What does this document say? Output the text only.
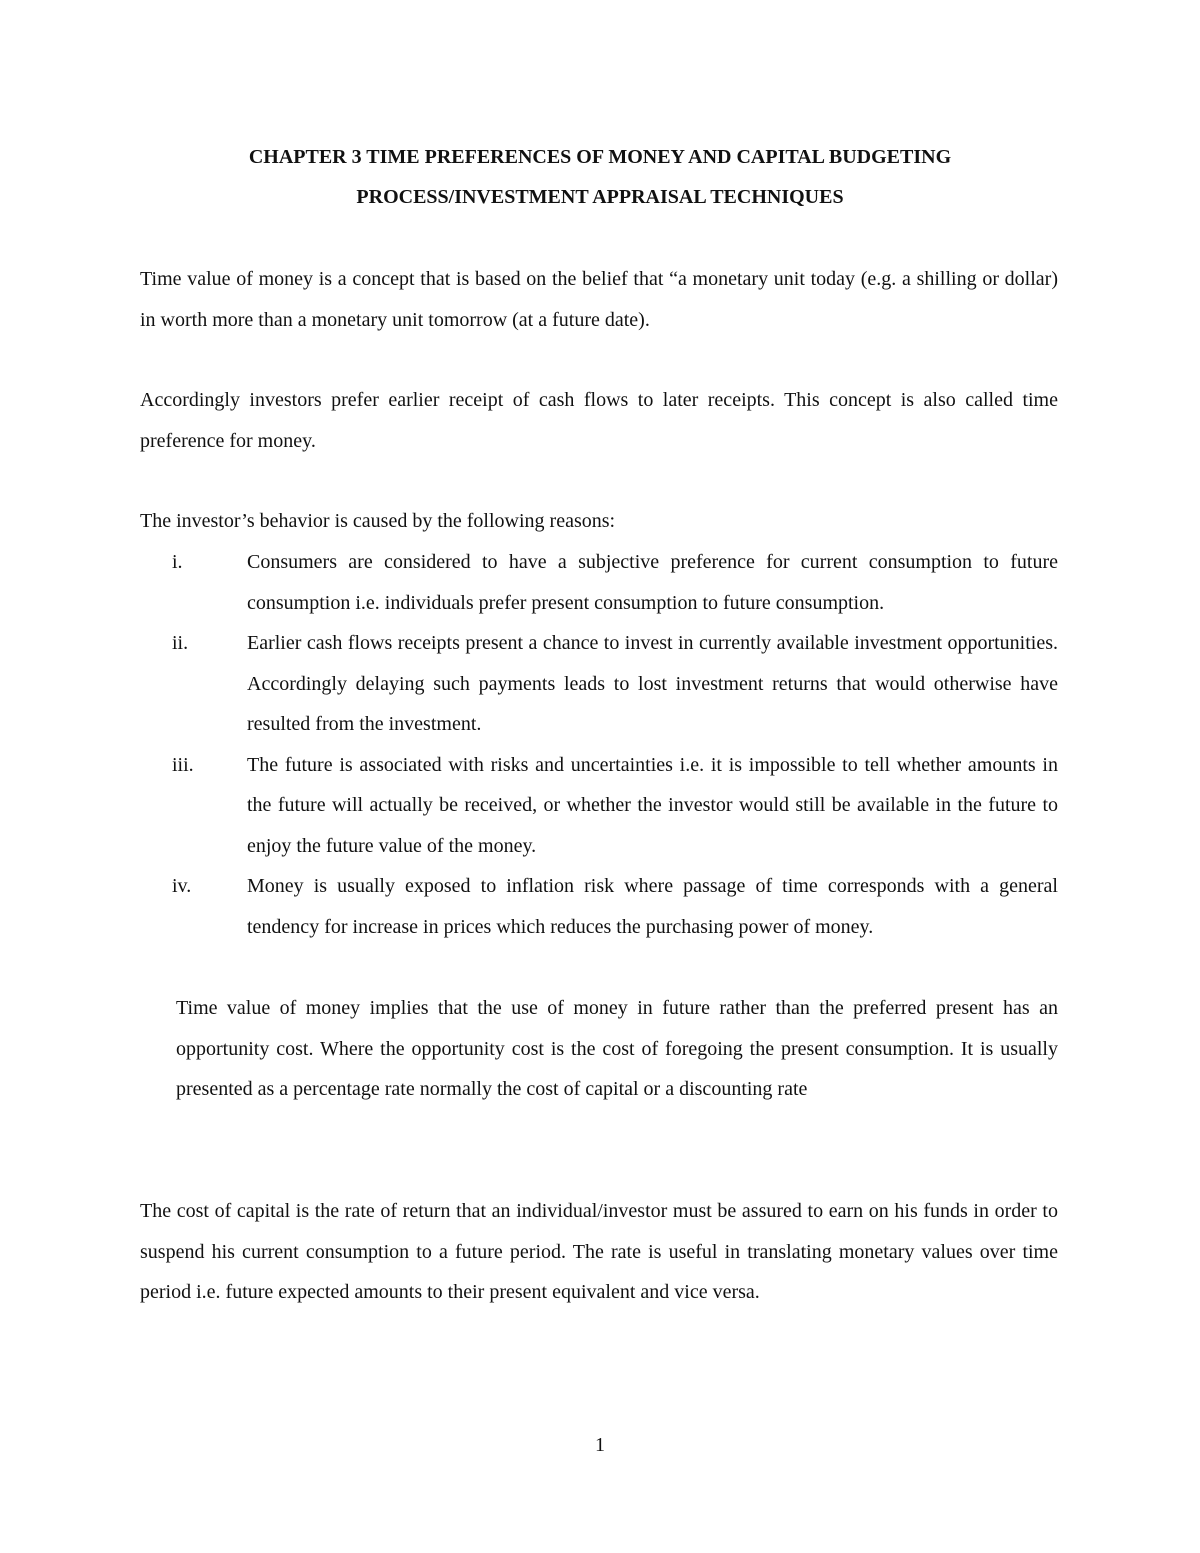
CHAPTER 3 TIME PREFERENCES OF MONEY AND CAPITAL BUDGETING
PROCESS/INVESTMENT APPRAISAL TECHNIQUES

Time value of money is a concept that is based on the belief that “a monetary unit today (e.g. a shilling or dollar) in worth more than a monetary unit tomorrow (at a future date).

Accordingly investors prefer earlier receipt of cash flows to later receipts. This concept is also called time preference for money.

The investor’s behavior is caused by the following reasons:

i.	Consumers are considered to have a subjective preference for current consumption to future consumption i.e. individuals prefer present consumption to future consumption.
ii.	Earlier cash flows receipts present a chance to invest in currently available investment opportunities. Accordingly delaying such payments leads to lost investment returns that would otherwise have resulted from the investment.
iii.	The future is associated with risks and uncertainties i.e. it is impossible to tell whether amounts in the future will actually be received, or whether the investor would still be available in the future to enjoy the future value of the money.
iv.	Money is usually exposed to inflation risk where passage of time corresponds with a general tendency for increase in prices which reduces the purchasing power of money.

Time value of money implies that the use of money in future rather than the preferred present has an opportunity cost. Where the opportunity cost is the cost of foregoing the present consumption. It is usually presented as a percentage rate normally the cost of capital or a discounting rate

The cost of capital is the rate of return that an individual/investor must be assured to earn on his funds in order to suspend his current consumption to a future period. The rate is useful in translating monetary values over time period i.e. future expected amounts to their present equivalent and vice versa.

1
